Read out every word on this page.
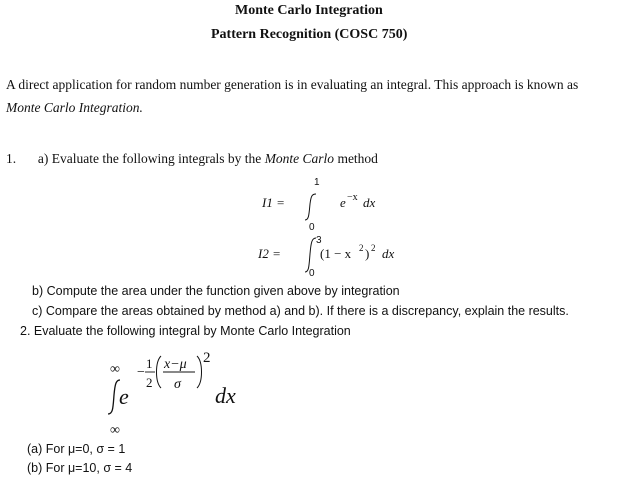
Monte Carlo Integration
Pattern Recognition (COSC 750)
A direct application for random number generation is in evaluating an integral. This approach is known as
Monte Carlo Integration.
1. a) Evaluate the following integrals by the Monte Carlo method
I1 =
1
0
e −x dx
I2 =
3
0
(1 − x 2 ) 2 dx
b) Compute the area under the function given above by integration
c) Compare the areas obtained by method a) and b). If there is a discrepancy, explain the results.
2. Evaluate the following integral by Monte Carlo Integration
∞
∞
e
−
1
2
x−μ
σ
2
dx
(a) For μ=0, σ = 1
(b) For μ=10, σ = 4
